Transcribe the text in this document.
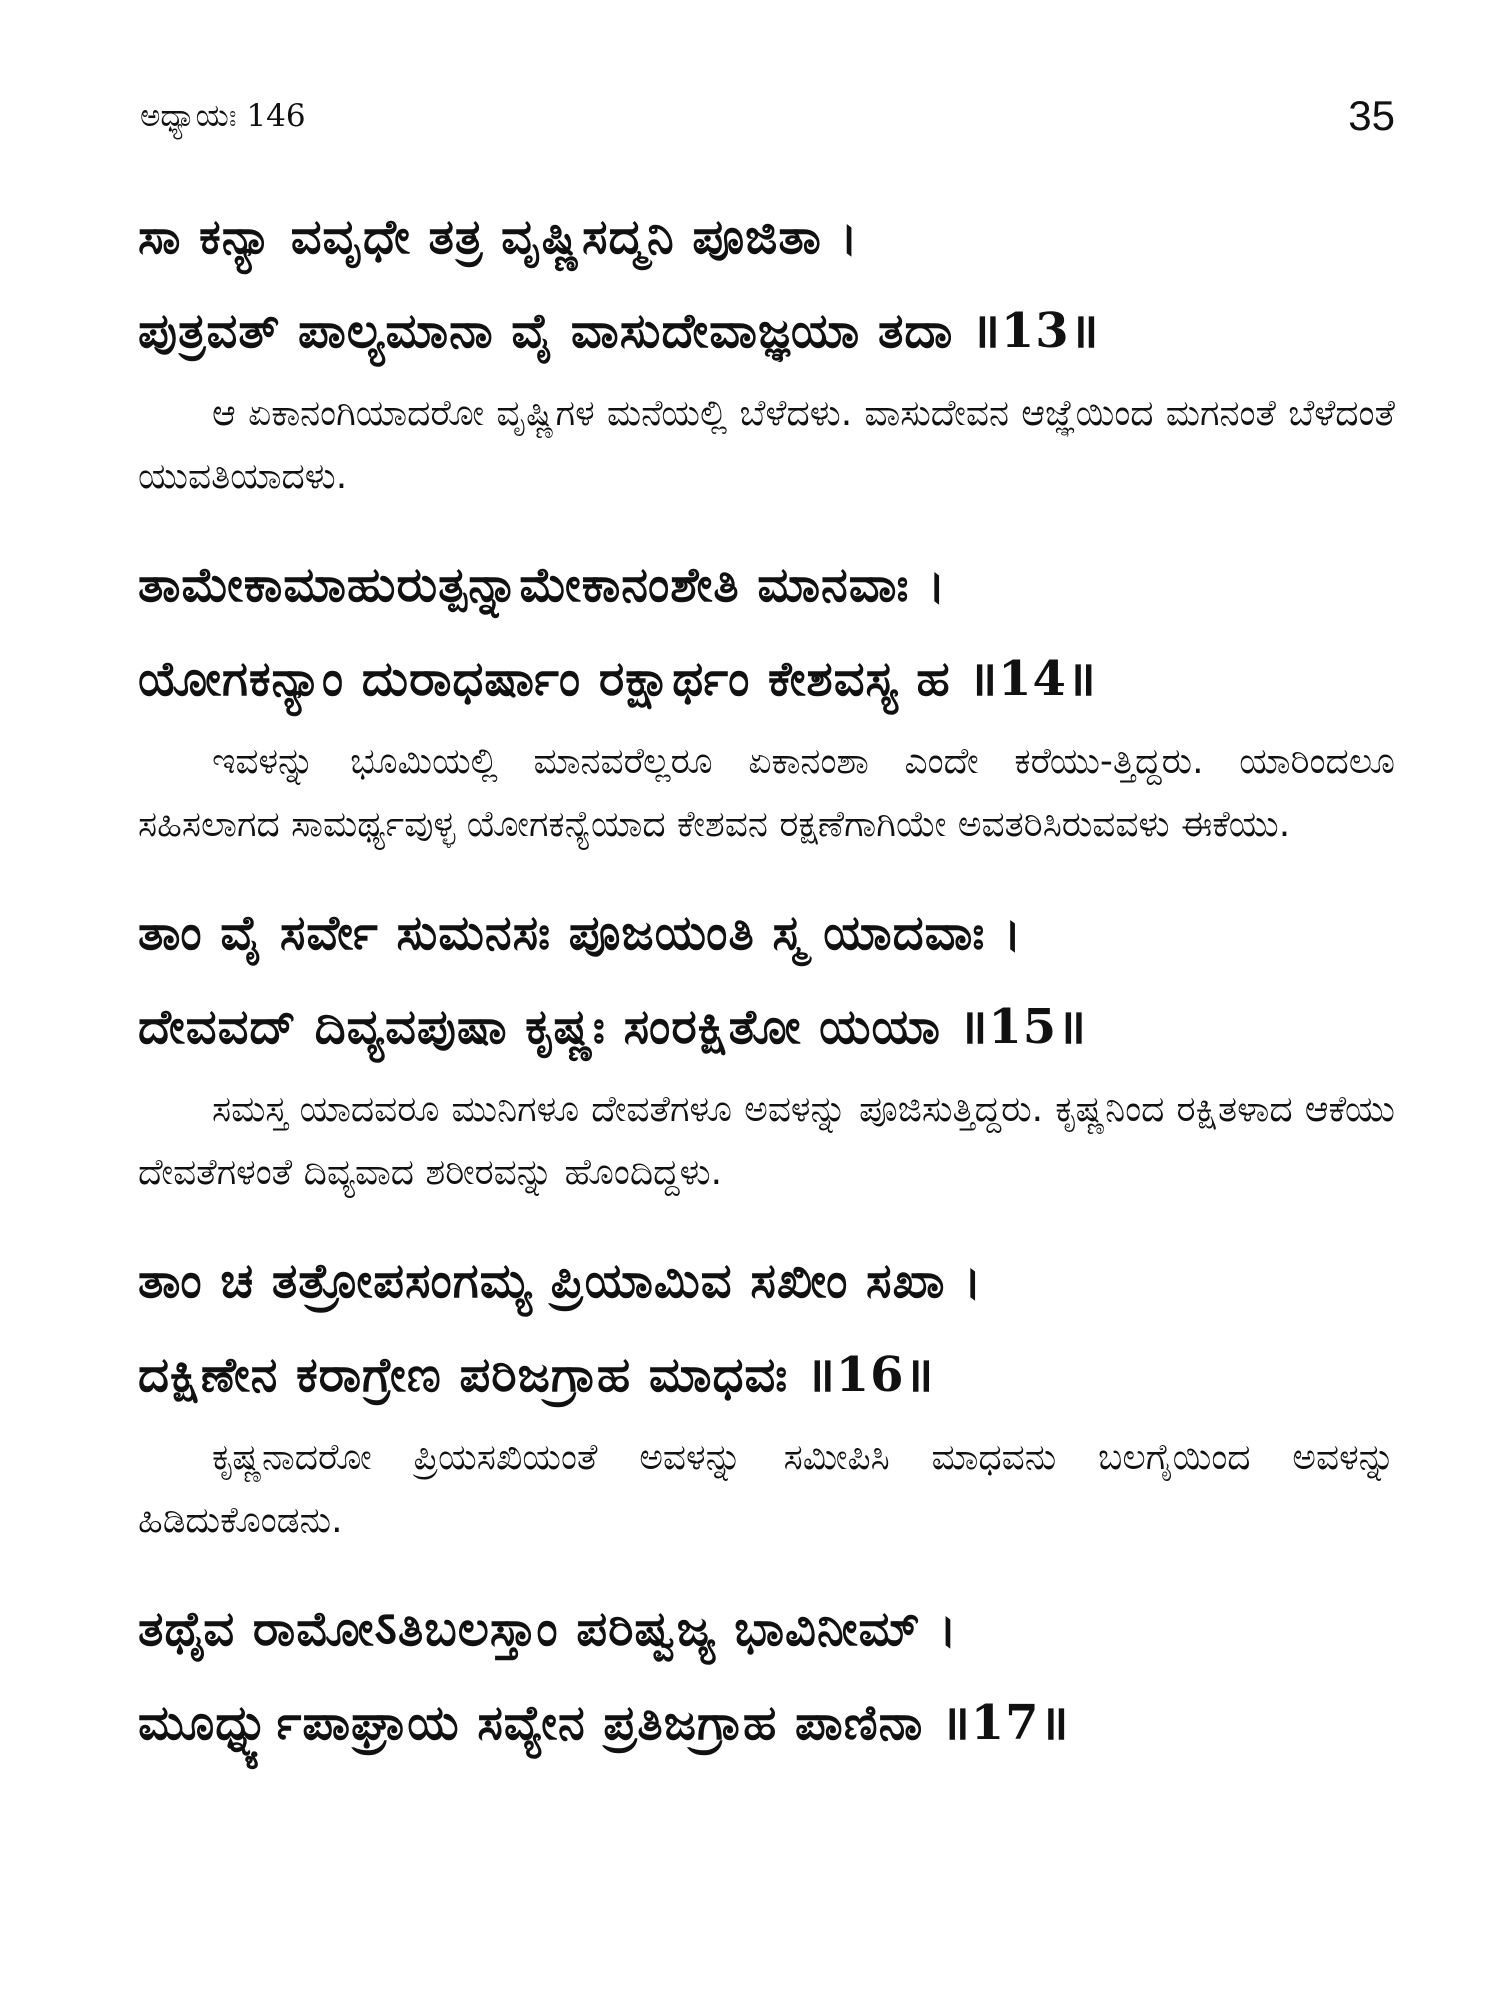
ಅಧ್ಯಾಯಃ 146	35
ಸಾ ಕನ್ಯಾ ವವೃಧೇ ತತ್ರ ವೃಷ್ಣಿಸದ್ಮನಿ ಪೂಜಿತಾ ।
ಪುತ್ರವತ್ ಪಾಲ್ಯಮಾನಾ ವೈ ವಾಸುದೇವಾಜ್ಞಯಾ ತದಾ ॥13॥

ಆ ಏಕಾನಂಗಿಯಾದರೋ ವೃಷ್ಣಿಗಳ ಮನೆಯಲ್ಲಿ ಬೆಳೆದಳು. ವಾಸುದೇವನ ಆಜ್ಞೆಯಿಂದ ಮಗನಂತೆ ಬೆಳೆದಂತೆ ಯುವತಿಯಾದಳು.

ತಾಮೇಕಾಮಾಹುರುತ್ಪನ್ನಾಮೇಕಾನಂಶೇತಿ ಮಾನವಾಃ ।
ಯೋಗಕನ್ಯಾಂ ದುರಾಧರ್ಷಾಂ ರಕ್ಷಾರ್ಥಂ ಕೇಶವಸ್ಯ ಹ ॥14॥

ಇವಳನ್ನು ಭೂಮಿಯಲ್ಲಿ ಮಾನವರೆಲ್ಲರೂ ಏಕಾನಂಶಾ ಎಂದೇ ಕರೆಯು-ತ್ತಿದ್ದರು. ಯಾರಿಂದಲೂ ಸಹಿಸಲಾಗದ ಸಾಮರ್ಥ್ಯವುಳ್ಳ ಯೋಗಕನ್ಯೆಯಾದ ಕೇಶವನ ರಕ್ಷಣೆಗಾಗಿಯೇ ಅವತರಿಸಿರುವವಳು ಈಕೆಯು.

ತಾಂ ವೈ ಸರ್ವೇ ಸುಮನಸಃ ಪೂಜಯಂತಿ ಸ್ಮ ಯಾದವಾಃ ।
ದೇವವದ್ ದಿವ್ಯವಪುಷಾ ಕೃಷ್ಣಃ ಸಂರಕ್ಷಿತೋ ಯಯಾ ॥15॥

ಸಮಸ್ತ ಯಾದವರೂ ಮುನಿಗಳೂ ದೇವತೆಗಳೂ ಅವಳನ್ನು ಪೂಜಿಸುತ್ತಿದ್ದರು. ಕೃಷ್ಣನಿಂದ ರಕ್ಷಿತಳಾದ ಆಕೆಯು ದೇವತೆಗಳಂತೆ ದಿವ್ಯವಾದ ಶರೀರವನ್ನು ಹೊಂದಿದ್ದಳು.

ತಾಂ ಚ ತತ್ರೋಪಸಂಗಮ್ಯ ಪ್ರಿಯಾಮಿವ ಸಖೀಂ ಸಖಾ ।
ದಕ್ಷಿಣೇನ ಕರಾಗ್ರೇಣ ಪರಿಜಗ್ರಾಹ ಮಾಧವಃ ॥16॥

ಕೃಷ್ಣನಾದರೋ ಪ್ರಿಯಸಖಿಯಂತೆ ಅವಳನ್ನು ಸಮೀಪಿಸಿ ಮಾಧವನು ಬಲಗೈಯಿಂದ ಅವಳನ್ನು ಹಿಡಿದುಕೊಂಡನು.

ತಥೈವ ರಾಮೋऽತಿಬಲಸ್ತಾಂ ಪರಿಷ್ವಜ್ಯ ಭಾವಿನೀಮ್ ।
ಮೂರ್ಧ್ನ್ಯುಪಾಘ್ರಾಯ ಸವ್ಯೇನ ಪ್ರತಿಜಗ್ರಾಹ ಪಾಣಿನಾ ॥17॥
